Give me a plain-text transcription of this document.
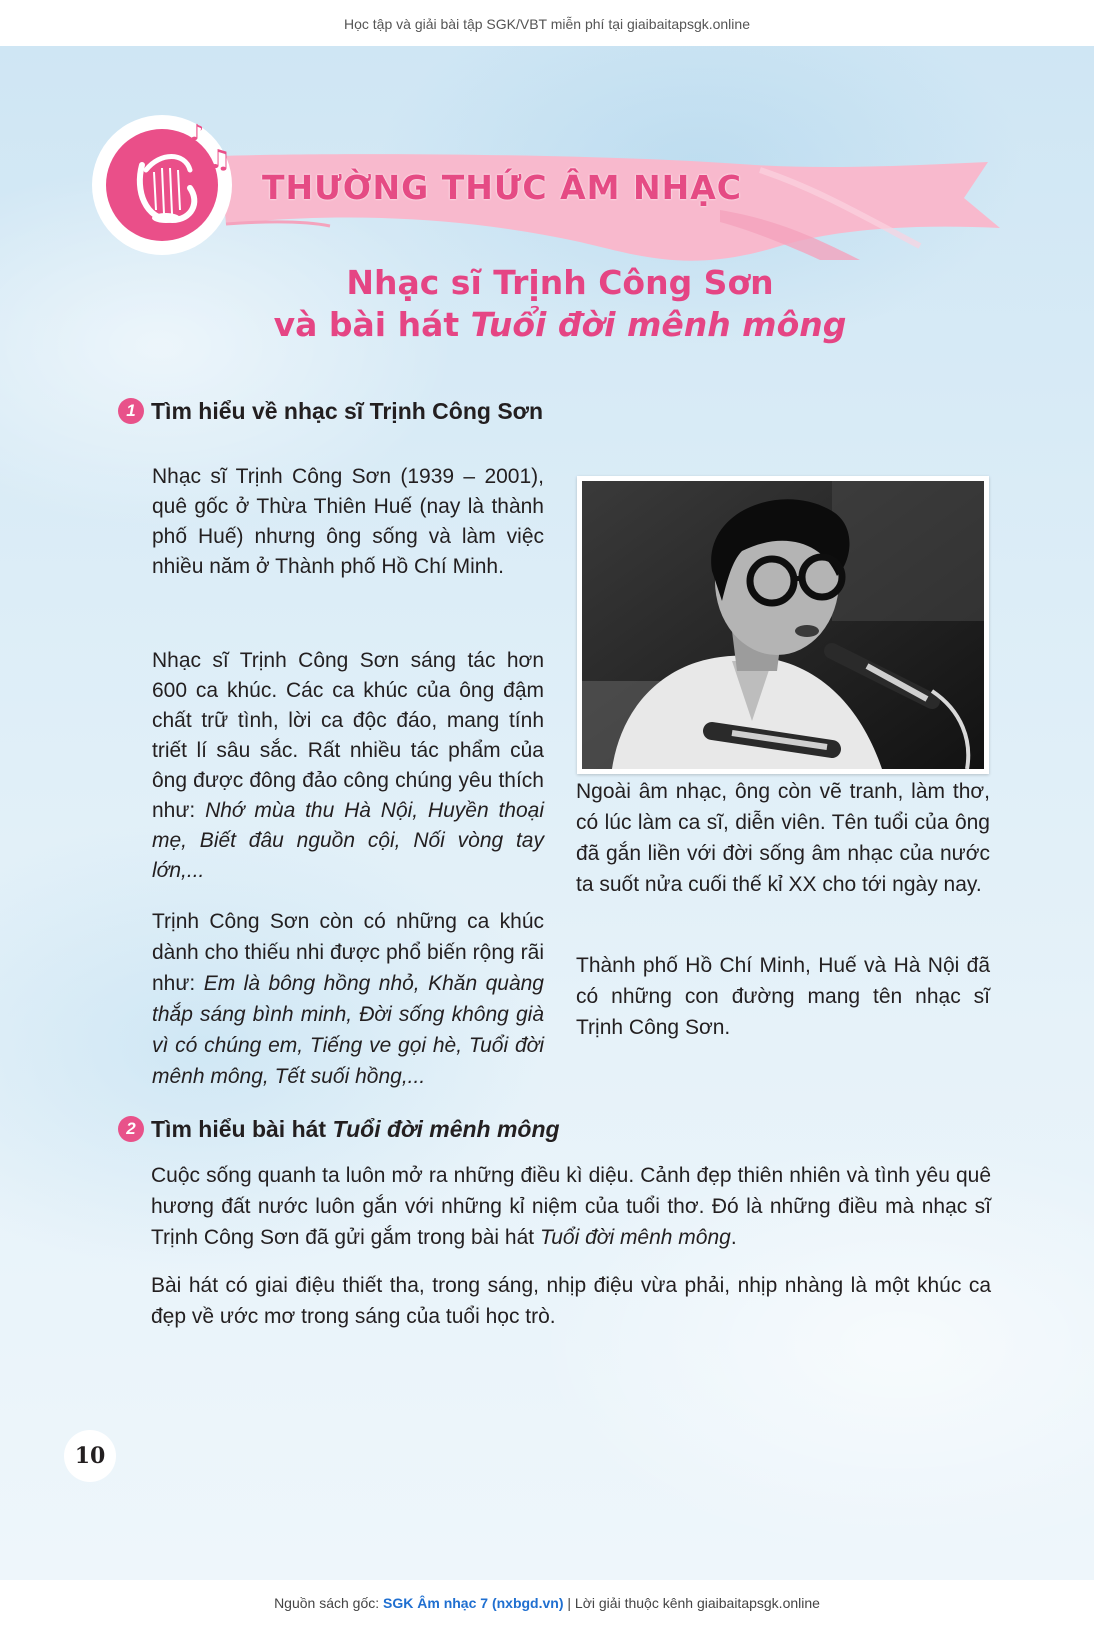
Học tập và giải bài tập SGK/VBT miễn phí tại giaibaitapsgk.online
♪
♫
THƯỜNG THỨC ÂM NHẠC
Nhạc sĩ Trịnh Công Sơn
và bài hát Tuổi đời mênh mông
1 Tìm hiểu về nhạc sĩ Trịnh Công Sơn

Nhạc sĩ Trịnh Công Sơn (1939 – 2001), quê gốc ở Thừa Thiên Huế (nay là thành phố Huế) nhưng ông sống và làm việc nhiều năm ở Thành phố Hồ Chí Minh.

Nhạc sĩ Trịnh Công Sơn sáng tác hơn 600 ca khúc. Các ca khúc của ông đậm chất trữ tình, lời ca độc đáo, mang tính triết lí sâu sắc. Rất nhiều tác phẩm của ông được đông đảo công chúng yêu thích như: Nhớ mùa thu Hà Nội, Huyền thoại mẹ, Biết đâu nguồn cội, Nối vòng tay lớn,...

Trịnh Công Sơn còn có những ca khúc dành cho thiếu nhi được phổ biến rộng rãi như: Em là bông hồng nhỏ, Khăn quàng thắp sáng bình minh, Đời sống không già vì có chúng em, Tiếng ve gọi hè, Tuổi đời mênh mông, Tết suối hồng,...

Ngoài âm nhạc, ông còn vẽ tranh, làm thơ, có lúc làm ca sĩ, diễn viên. Tên tuổi của ông đã gắn liền với đời sống âm nhạc của nước ta suốt nửa cuối thế kỉ XX cho tới ngày nay.

Thành phố Hồ Chí Minh, Huế và Hà Nội đã có những con đường mang tên nhạc sĩ Trịnh Công Sơn.

2 Tìm hiểu bài hát Tuổi đời mênh mông

Cuộc sống quanh ta luôn mở ra những điều kì diệu. Cảnh đẹp thiên nhiên và tình yêu quê hương đất nước luôn gắn với những kỉ niệm của tuổi thơ. Đó là những điều mà nhạc sĩ Trịnh Công Sơn đã gửi gắm trong bài hát Tuổi đời mênh mông.

Bài hát có giai điệu thiết tha, trong sáng, nhịp điệu vừa phải, nhịp nhàng là một khúc ca đẹp về ước mơ trong sáng của tuổi học trò.

10
Nguồn sách gốc: SGK Âm nhạc 7 (nxbgd.vn) | Lời giải thuộc kênh giaibaitapsgk.online
